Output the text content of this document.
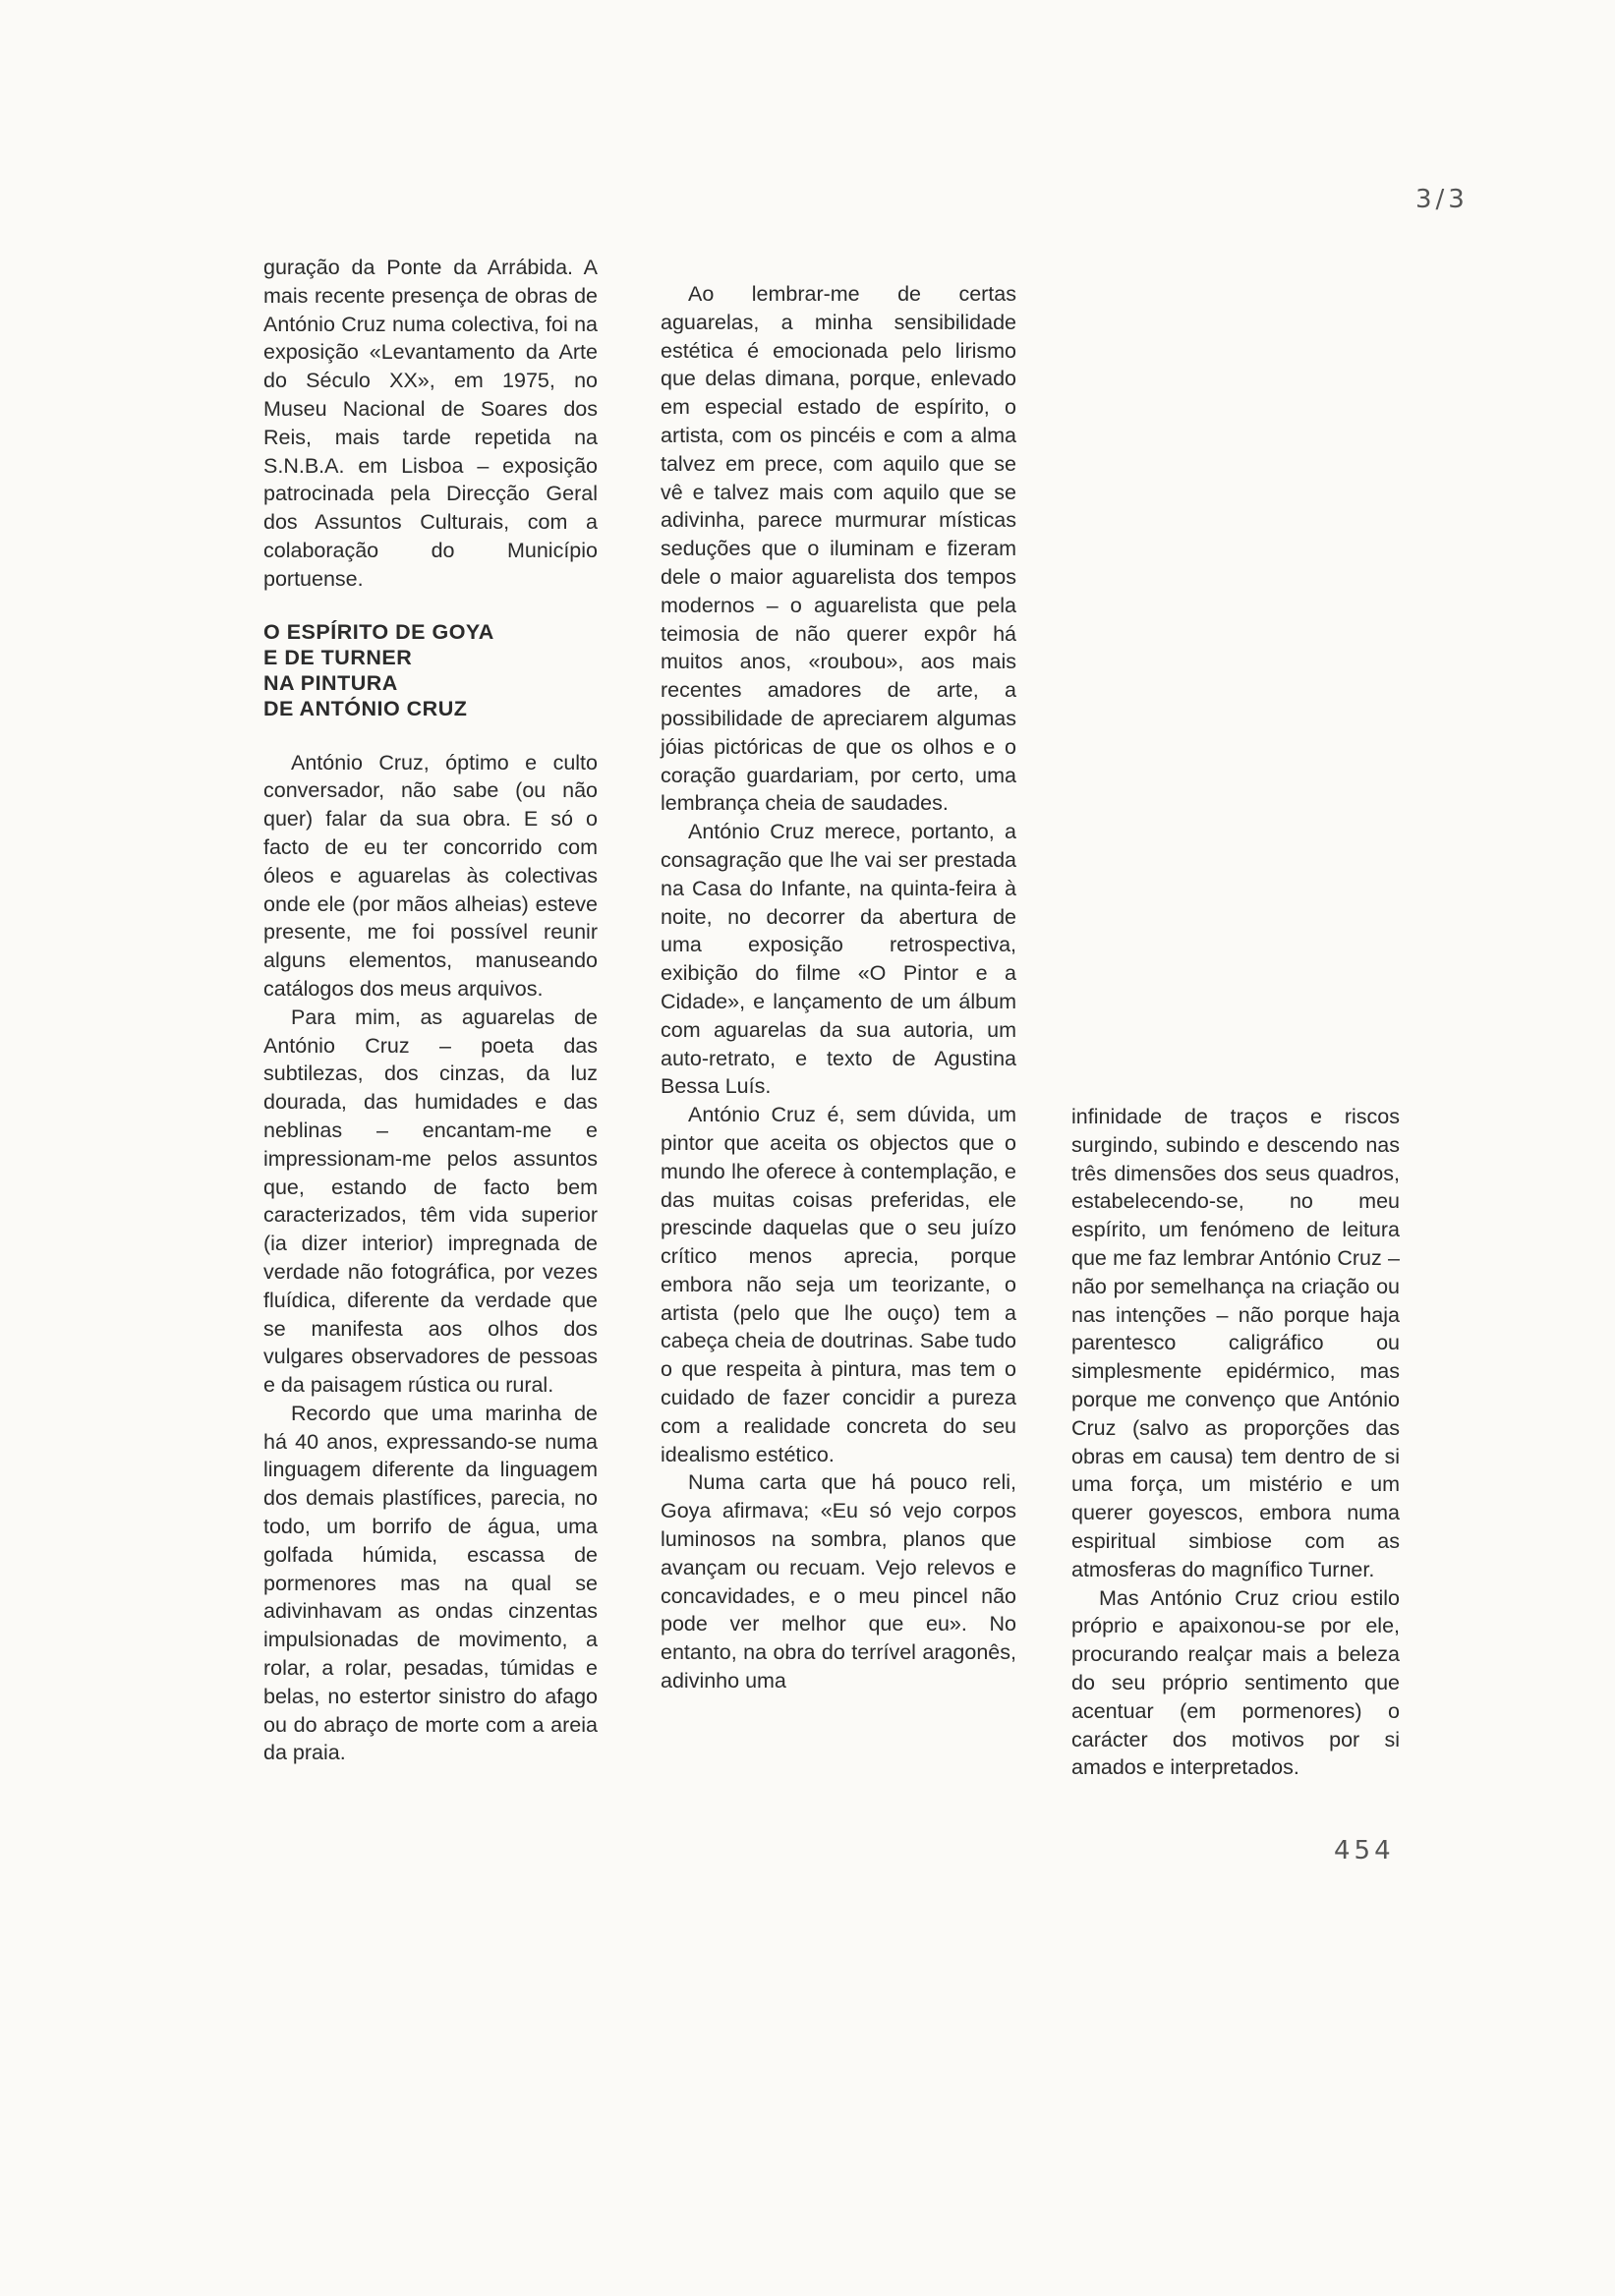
3/3

guração da Ponte da Arrábida. A mais recente presença de obras de António Cruz numa colectiva, foi na exposição «Levantamento da Arte do Século XX», em 1975, no Museu Nacional de Soares dos Reis, mais tarde repetida na S.N.B.A. em Lisboa – exposição patrocinada pela Direcção Geral dos Assuntos Culturais, com a colaboração do Município portuense.

O ESPÍRITO DE GOYA
E DE TURNER
NA PINTURA
DE ANTÓNIO CRUZ

António Cruz, óptimo e culto conversador, não sabe (ou não quer) falar da sua obra. E só o facto de eu ter concorrido com óleos e aguarelas às colectivas onde ele (por mãos alheias) esteve presente, me foi possível reunir alguns elementos, manuseando catálogos dos meus arquivos.

Para mim, as aguarelas de António Cruz – poeta das subtilezas, dos cinzas, da luz dourada, das humidades e das neblinas – encantam-me e impressionam-me pelos assuntos que, estando de facto bem caracterizados, têm vida superior (ia dizer interior) impregnada de verdade não fotográfica, por vezes fluídica, diferente da verdade que se manifesta aos olhos dos vulgares observadores de pessoas e da paisagem rústica ou rural.

Recordo que uma marinha de há 40 anos, expressando-se numa linguagem diferente da linguagem dos demais plastífices, parecia, no todo, um borrifo de água, uma golfada húmida, escassa de pormenores mas na qual se adivinhavam as ondas cinzentas impulsionadas de movimento, a rolar, a rolar, pesadas, túmidas e belas, no estertor sinistro do afago ou do abraço de morte com a areia da praia.

Ao lembrar-me de certas aguarelas, a minha sensibilidade estética é emocionada pelo lirismo que delas dimana, porque, enlevado em especial estado de espírito, o artista, com os pincéis e com a alma talvez em prece, com aquilo que se vê e talvez mais com aquilo que se adivinha, parece murmurar místicas seduções que o iluminam e fizeram dele o maior aguarelista dos tempos modernos – o aguarelista que pela teimosia de não querer expôr há muitos anos, «roubou», aos mais recentes amadores de arte, a possibilidade de apreciarem algumas jóias pictóricas de que os olhos e o coração guardariam, por certo, uma lembrança cheia de saudades.

António Cruz merece, portanto, a consagração que lhe vai ser prestada na Casa do Infante, na quinta-feira à noite, no decorrer da abertura de uma exposição retrospectiva, exibição do filme «O Pintor e a Cidade», e lançamento de um álbum com aguarelas da sua autoria, um auto-retrato, e texto de Agustina Bessa Luís.

António Cruz é, sem dúvida, um pintor que aceita os objectos que o mundo lhe oferece à contemplação, e das muitas coisas preferidas, ele prescinde daquelas que o seu juízo crítico menos aprecia, porque embora não seja um teorizante, o artista (pelo que lhe ouço) tem a cabeça cheia de doutrinas. Sabe tudo o que respeita à pintura, mas tem o cuidado de fazer concidir a pureza com a realidade concreta do seu idealismo estético.

Numa carta que há pouco reli, Goya afirmava; «Eu só vejo corpos luminosos na sombra, planos que avançam ou recuam. Vejo relevos e concavidades, e o meu pincel não pode ver melhor que eu». No entanto, na obra do terrível aragonês, adivinho uma

infinidade de traços e riscos surgindo, subindo e descendo nas três dimensões dos seus quadros, estabelecendo-se, no meu espírito, um fenómeno de leitura que me faz lembrar António Cruz – não por semelhança na criação ou nas intenções – não porque haja parentesco caligráfico ou simplesmente epidérmico, mas porque me convenço que António Cruz (salvo as proporções das obras em causa) tem dentro de si uma força, um mistério e um querer goyescos, embora numa espiritual simbiose com as atmosferas do magnífico Turner.

Mas António Cruz criou estilo próprio e apaixonou-se por ele, procurando realçar mais a beleza do seu próprio sentimento que acentuar (em pormenores) o carácter dos motivos por si amados e interpretados.

454
